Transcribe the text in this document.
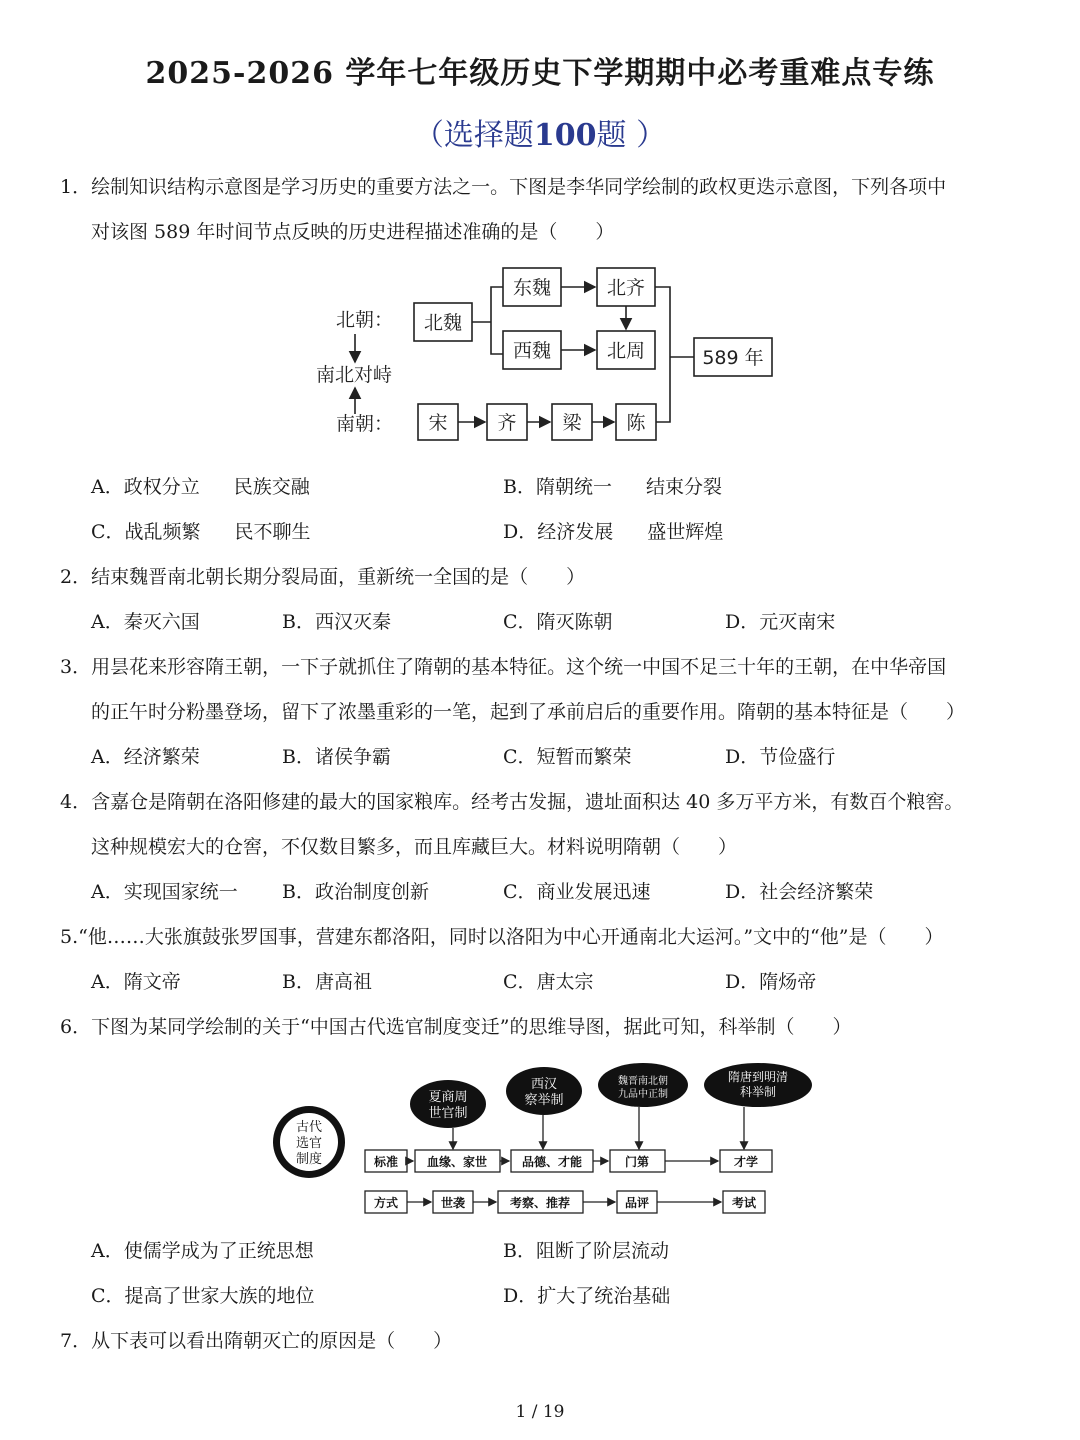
2025-2026 学年七年级历史下学期期中必考重难点专练
（选择题100题 ）
1．绘制知识结构示意图是学习历史的重要方法之一。下图是李华同学绘制的政权更迭示意图，下列各项中
对该图 589 年时间节点反映的历史进程描述准确的是（　　）
北朝：
南北对峙
南朝：
北魏
东魏	北齐
西魏	北周	589 年
宋	齐 梁 陈
A．政权分立 民族交融	B．隋朝统一 结束分裂
C．战乱频繁 民不聊生	D．经济发展 盛世辉煌
2．结束魏晋南北朝长期分裂局面，重新统一全国的是（　　）
A．秦灭六国	B．西汉灭秦	C．隋灭陈朝	D．元灭南宋
3．用昙花来形容隋王朝，一下子就抓住了隋朝的基本特征。这个统一中国不足三十年的王朝，在中华帝国
的正午时分粉墨登场，留下了浓墨重彩的一笔，起到了承前启后的重要作用。隋朝的基本特征是（　　）
A．经济繁荣	B．诸侯争霸	C．短暂而繁荣	D．节俭盛行
4．含嘉仓是隋朝在洛阳修建的最大的国家粮库。经考古发掘，遗址面积达 40 多万平方米，有数百个粮窖。
这种规模宏大的仓窖，不仅数目繁多，而且库藏巨大。材料说明隋朝（　　）
A．实现国家统一 B．政治制度创新	C．商业发展迅速	D．社会经济繁荣
5.“他……大张旗鼓张罗国事，营建东都洛阳，同时以洛阳为中心开通南北大运河。”文中的“他”是（　　）
A．隋文帝	B．唐高祖	C．唐太宗	D．隋炀帝
6．下图为某同学绘制的关于“中国古代选官制度变迁”的思维导图，据此可知，科举制（　　）
古代
选官
制度
夏商周
世官制
西汉
察举制
魏晋南北朝
九品中正制
隋唐到明清
科举制
标准 血缘、家世	品德、才能	门第	才学
方式	世袭	考察、推荐	品评	考试
A．使儒学成为了正统思想	B．阻断了阶层流动
C．提高了世家大族的地位	D．扩大了统治基础
7．从下表可以看出隋朝灭亡的原因是（　　）
1 / 19
